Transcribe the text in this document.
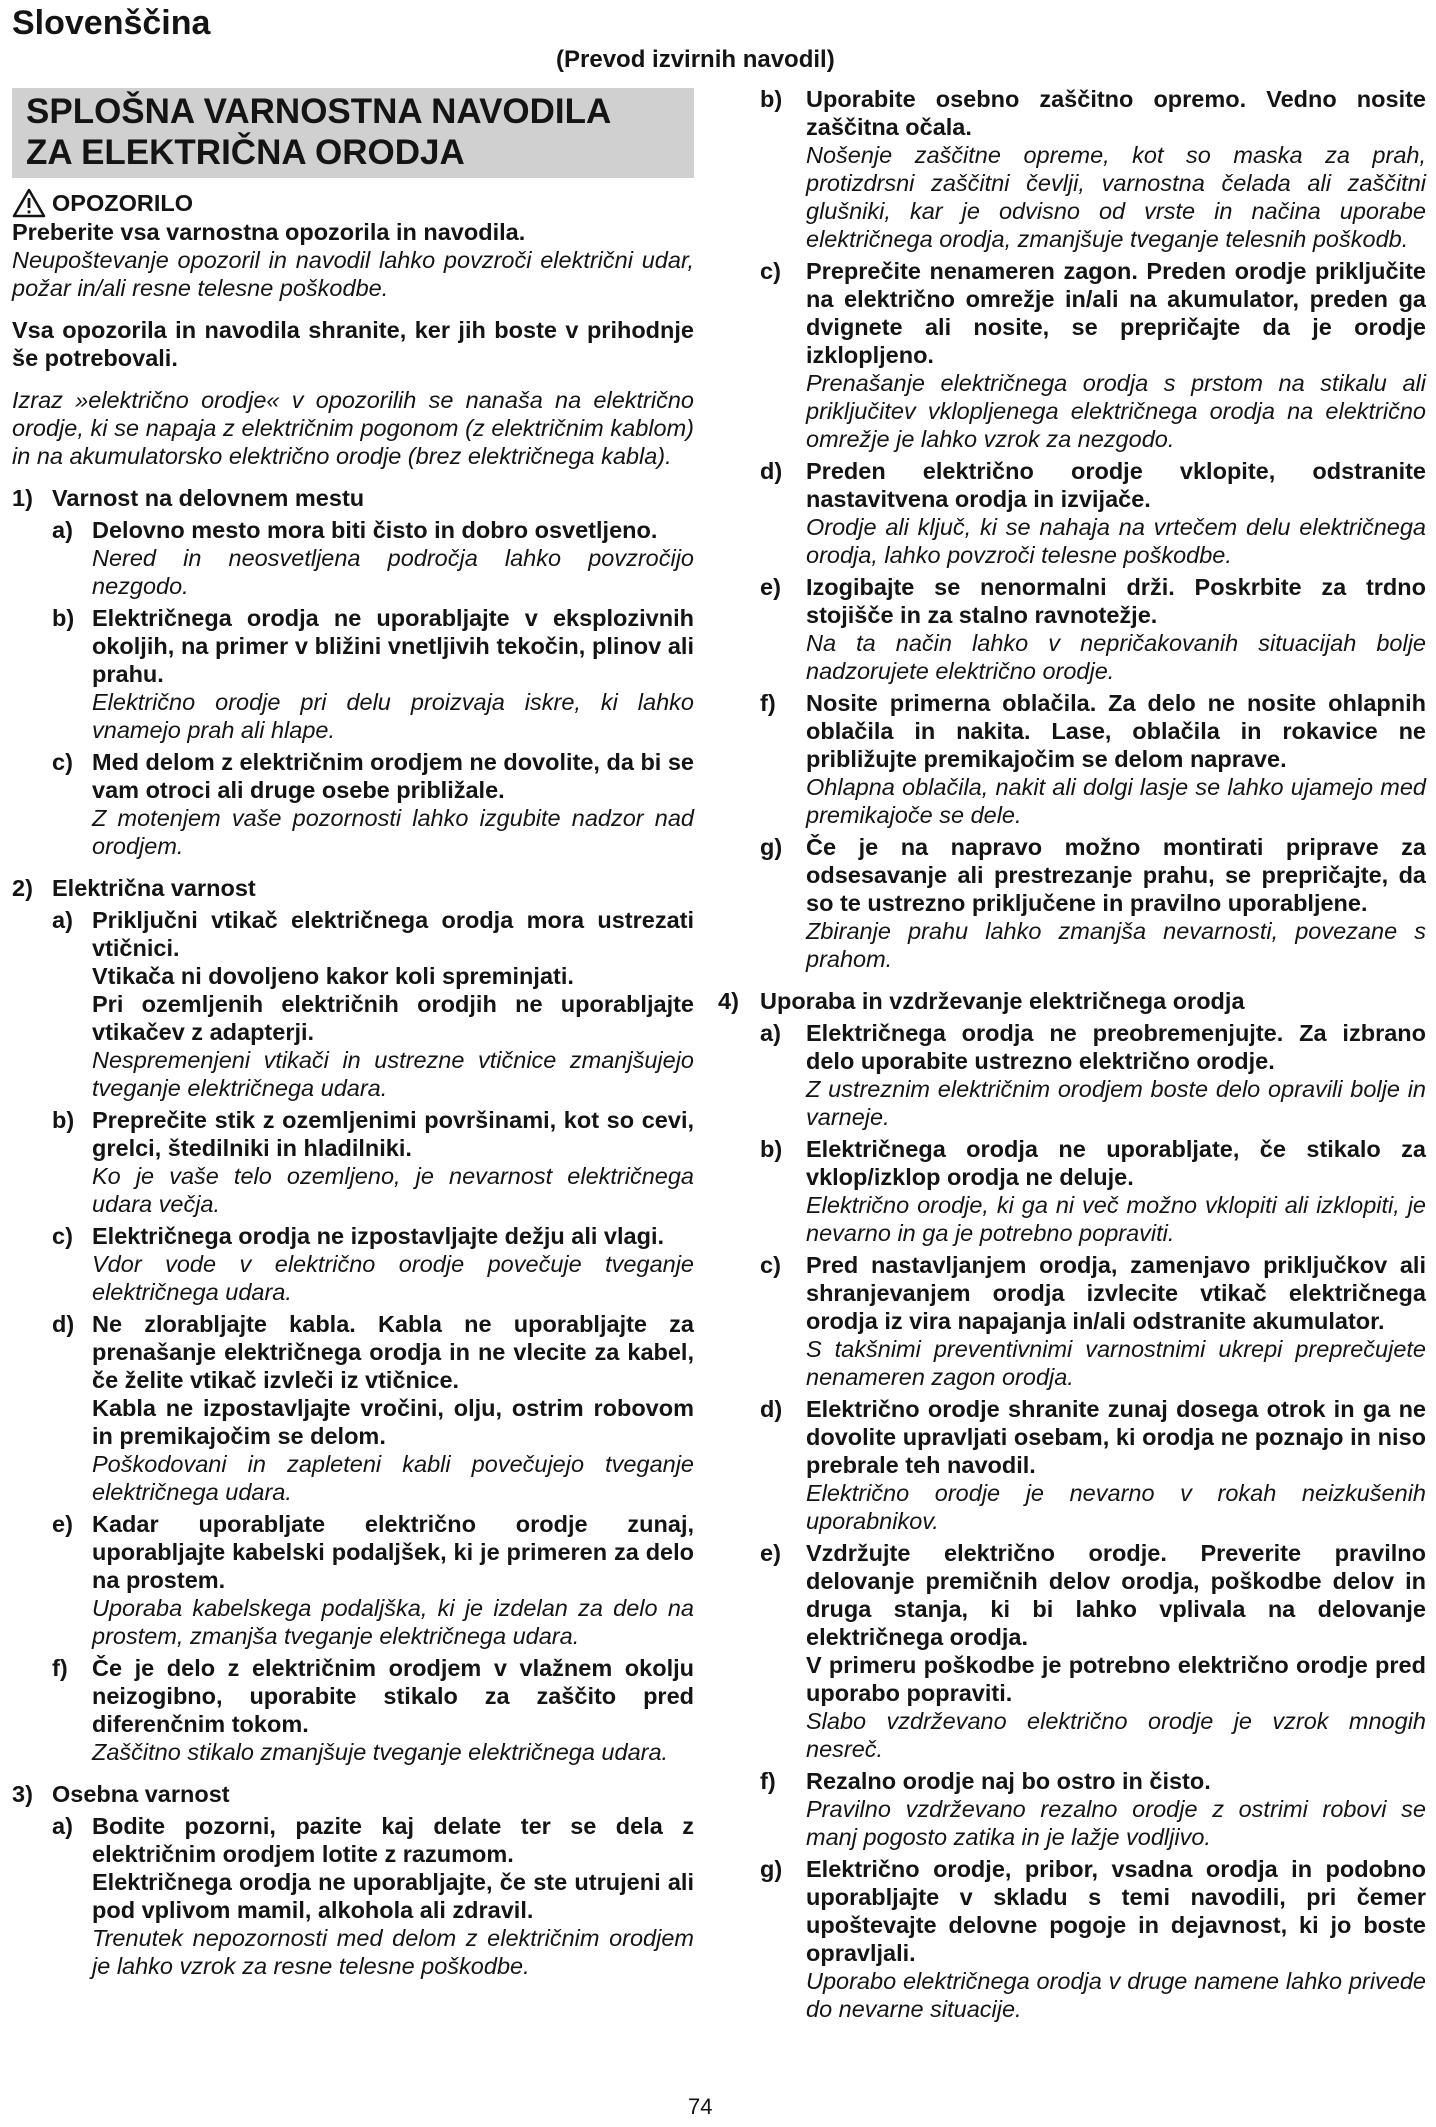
Slovenščina
(Prevod izvirnih navodil)
SPLOŠNA VARNOSTNA NAVODILA
ZA ELEKTRIČNA ORODJA
OPOZORILO

Preberite vsa varnostna opozorila in navodila.

Neupoštevanje opozoril in navodil lahko povzroči električni udar, požar in/ali resne telesne poškodbe.

Vsa opozorila in navodila shranite, ker jih boste v prihodnje še potrebovali.

Izraz »električno orodje« v opozorilih se nanaša na električno orodje, ki se napaja z električnim pogonom (z električnim kablom) in na akumulatorsko električno orodje (brez električnega kabla).

1) Varnost na delovnem mestu
a) Delovno mesto mora biti čisto in dobro osvetljeno.

Nered in neosvetljena področja lahko povzročijo nezgodo.

b) Električnega orodja ne uporabljajte v eksplozivnih okoljih, na primer v bližini vnetljivih tekočin, plinov ali prahu.

Električno orodje pri delu proizvaja iskre, ki lahko vnamejo prah ali hlape.

c) Med delom z električnim orodjem ne dovolite, da bi se vam otroci ali druge osebe približale.

Z motenjem vaše pozornosti lahko izgubite nadzor nad orodjem.

2) Električna varnost
a) Priključni vtikač električnega orodja mora ustrezati vtičnici.

Vtikača ni dovoljeno kakor koli spreminjati.

Pri ozemljenih električnih orodjih ne uporabljajte vtikačev z adapterji.

Nespremenjeni vtikači in ustrezne vtičnice zmanjšujejo tveganje električnega udara.

b) Preprečite stik z ozemljenimi površinami, kot so cevi, grelci, štedilniki in hladilniki.

Ko je vaše telo ozemljeno, je nevarnost električnega udara večja.

c) Električnega orodja ne izpostavljajte dežju ali vlagi.

Vdor vode v električno orodje povečuje tveganje električnega udara.

d) Ne zlorabljajte kabla. Kabla ne uporabljajte za prenašanje električnega orodja in ne vlecite za kabel, če želite vtikač izvleči iz vtičnice.

Kabla ne izpostavljajte vročini, olju, ostrim robovom in premikajočim se delom.

Poškodovani in zapleteni kabli povečujejo tveganje električnega udara.

e) Kadar uporabljate električno orodje zunaj, uporabljajte kabelski podaljšek, ki je primeren za delo na prostem.

Uporaba kabelskega podaljška, ki je izdelan za delo na prostem, zmanjša tveganje električnega udara.

f) Če je delo z električnim orodjem v vlažnem okolju neizogibno, uporabite stikalo za zaščito pred diferenčnim tokom.

Zaščitno stikalo zmanjšuje tveganje električnega udara.

3) Osebna varnost
a) Bodite pozorni, pazite kaj delate ter se dela z električnim orodjem lotite z razumom.

Električnega orodja ne uporabljajte, če ste utrujeni ali pod vplivom mamil, alkohola ali zdravil.

Trenutek nepozornosti med delom z električnim orodjem je lahko vzrok za resne telesne poškodbe.

b) Uporabite osebno zaščitno opremo. Vedno nosite zaščitna očala.

Nošenje zaščitne opreme, kot so maska za prah, protizdrsni zaščitni čevlji, varnostna čelada ali zaščitni glušniki, kar je odvisno od vrste in načina uporabe električnega orodja, zmanjšuje tveganje telesnih poškodb.

c) Preprečite nenameren zagon. Preden orodje priključite na električno omrežje in/ali na akumulator, preden ga dvignete ali nosite, se prepričajte da je orodje izklopljeno.

Prenašanje električnega orodja s prstom na stikalu ali priključitev vklopljenega električnega orodja na električno omrežje je lahko vzrok za nezgodo.

d) Preden električno orodje vklopite, odstranite nastavitvena orodja in izvijače.

Orodje ali ključ, ki se nahaja na vrtečem delu električnega orodja, lahko povzroči telesne poškodbe.

e) Izogibajte se nenormalni drži. Poskrbite za trdno stojišče in za stalno ravnotežje.

Na ta način lahko v nepričakovanih situacijah bolje nadzorujete električno orodje.

f) Nosite primerna oblačila. Za delo ne nosite ohlapnih oblačila in nakita. Lase, oblačila in rokavice ne približujte premikajočim se delom naprave.

Ohlapna oblačila, nakit ali dolgi lasje se lahko ujamejo med premikajoče se dele.

g) Če je na napravo možno montirati priprave za odsesavanje ali prestrezanje prahu, se prepričajte, da so te ustrezno priključene in pravilno uporabljene.

Zbiranje prahu lahko zmanjša nevarnosti, povezane s prahom.

4) Uporaba in vzdrževanje električnega orodja
a) Električnega orodja ne preobremenjujte. Za izbrano delo uporabite ustrezno električno orodje.

Z ustreznim električnim orodjem boste delo opravili bolje in varneje.

b) Električnega orodja ne uporabljate, če stikalo za vklop/izklop orodja ne deluje.

Električno orodje, ki ga ni več možno vklopiti ali izklopiti, je nevarno in ga je potrebno popraviti.

c) Pred nastavljanjem orodja, zamenjavo priključkov ali shranjevanjem orodja izvlecite vtikač električnega orodja iz vira napajanja in/ali odstranite akumulator.

S takšnimi preventivnimi varnostnimi ukrepi preprečujete nenameren zagon orodja.

d) Električno orodje shranite zunaj dosega otrok in ga ne dovolite upravljati osebam, ki orodja ne poznajo in niso prebrale teh navodil.

Električno orodje je nevarno v rokah neizkušenih uporabnikov.

e) Vzdržujte električno orodje. Preverite pravilno delovanje premičnih delov orodja, poškodbe delov in druga stanja, ki bi lahko vplivala na delovanje električnega orodja.

V primeru poškodbe je potrebno električno orodje pred uporabo popraviti.

Slabo vzdrževano električno orodje je vzrok mnogih nesreč.

f) Rezalno orodje naj bo ostro in čisto.

Pravilno vzdrževano rezalno orodje z ostrimi robovi se manj pogosto zatika in je lažje vodljivo.

g) Električno orodje, pribor, vsadna orodja in podobno uporabljajte v skladu s temi navodili, pri čemer upoštevajte delovne pogoje in dejavnost, ki jo boste opravljali.

Uporabo električnega orodja v druge namene lahko privede do nevarne situacije.

74
